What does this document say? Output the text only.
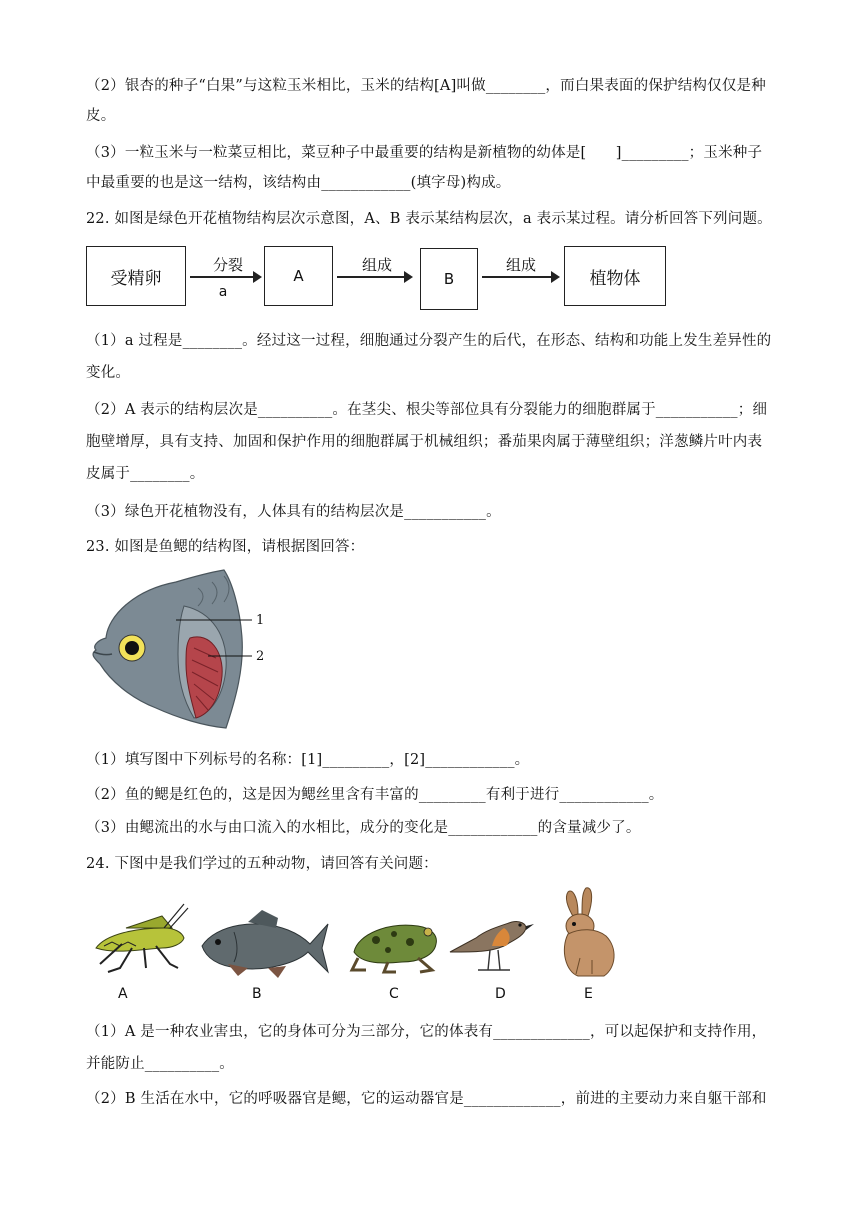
（2）银杏的种子“白果”与这粒玉米相比，玉米的结构[A]叫做________，而白果表面的保护结构仅仅是种
皮。
（3）一粒玉米与一粒菜豆相比，菜豆种子中最重要的结构是新植物的幼体是[　　]_________；玉米种子
中最重要的也是这一结构，该结构由____________(填字母)构成。
22. 如图是绿色开花植物结构层次示意图，A、B 表示某结构层次，a 表示某过程。请分析回答下列问题。
受精卵
分裂
a
A
组成
B
组成
植物体
（1）a 过程是________。经过这一过程，细胞通过分裂产生的后代，在形态、结构和功能上发生差异性的
变化。
（2）A 表示的结构层次是__________。在茎尖、根尖等部位具有分裂能力的细胞群属于___________；细
胞壁增厚，具有支持、加固和保护作用的细胞群属于机械组织；番茄果肉属于薄壁组织；洋葱鳞片叶内表
皮属于________。
（3）绿色开花植物没有，人体具有的结构层次是___________。
23. 如图是鱼鳃的结构图，请根据图回答：
1
2
（1）填写图中下列标号的名称：[1]_________，[2]____________。
（2）鱼的鳃是红色的，这是因为鳃丝里含有丰富的_________有利于进行____________。
（3）由鳃流出的水与由口流入的水相比，成分的变化是____________的含量减少了。
24. 下图中是我们学过的五种动物，请回答有关问题：
A	B	C	D	E
（1）A 是一种农业害虫，它的身体可分为三部分，它的体表有_____________，可以起保护和支持作用，
并能防止__________。
（2）B 生活在水中，它的呼吸器官是鳃，它的运动器官是_____________，前进的主要动力来自躯干部和
